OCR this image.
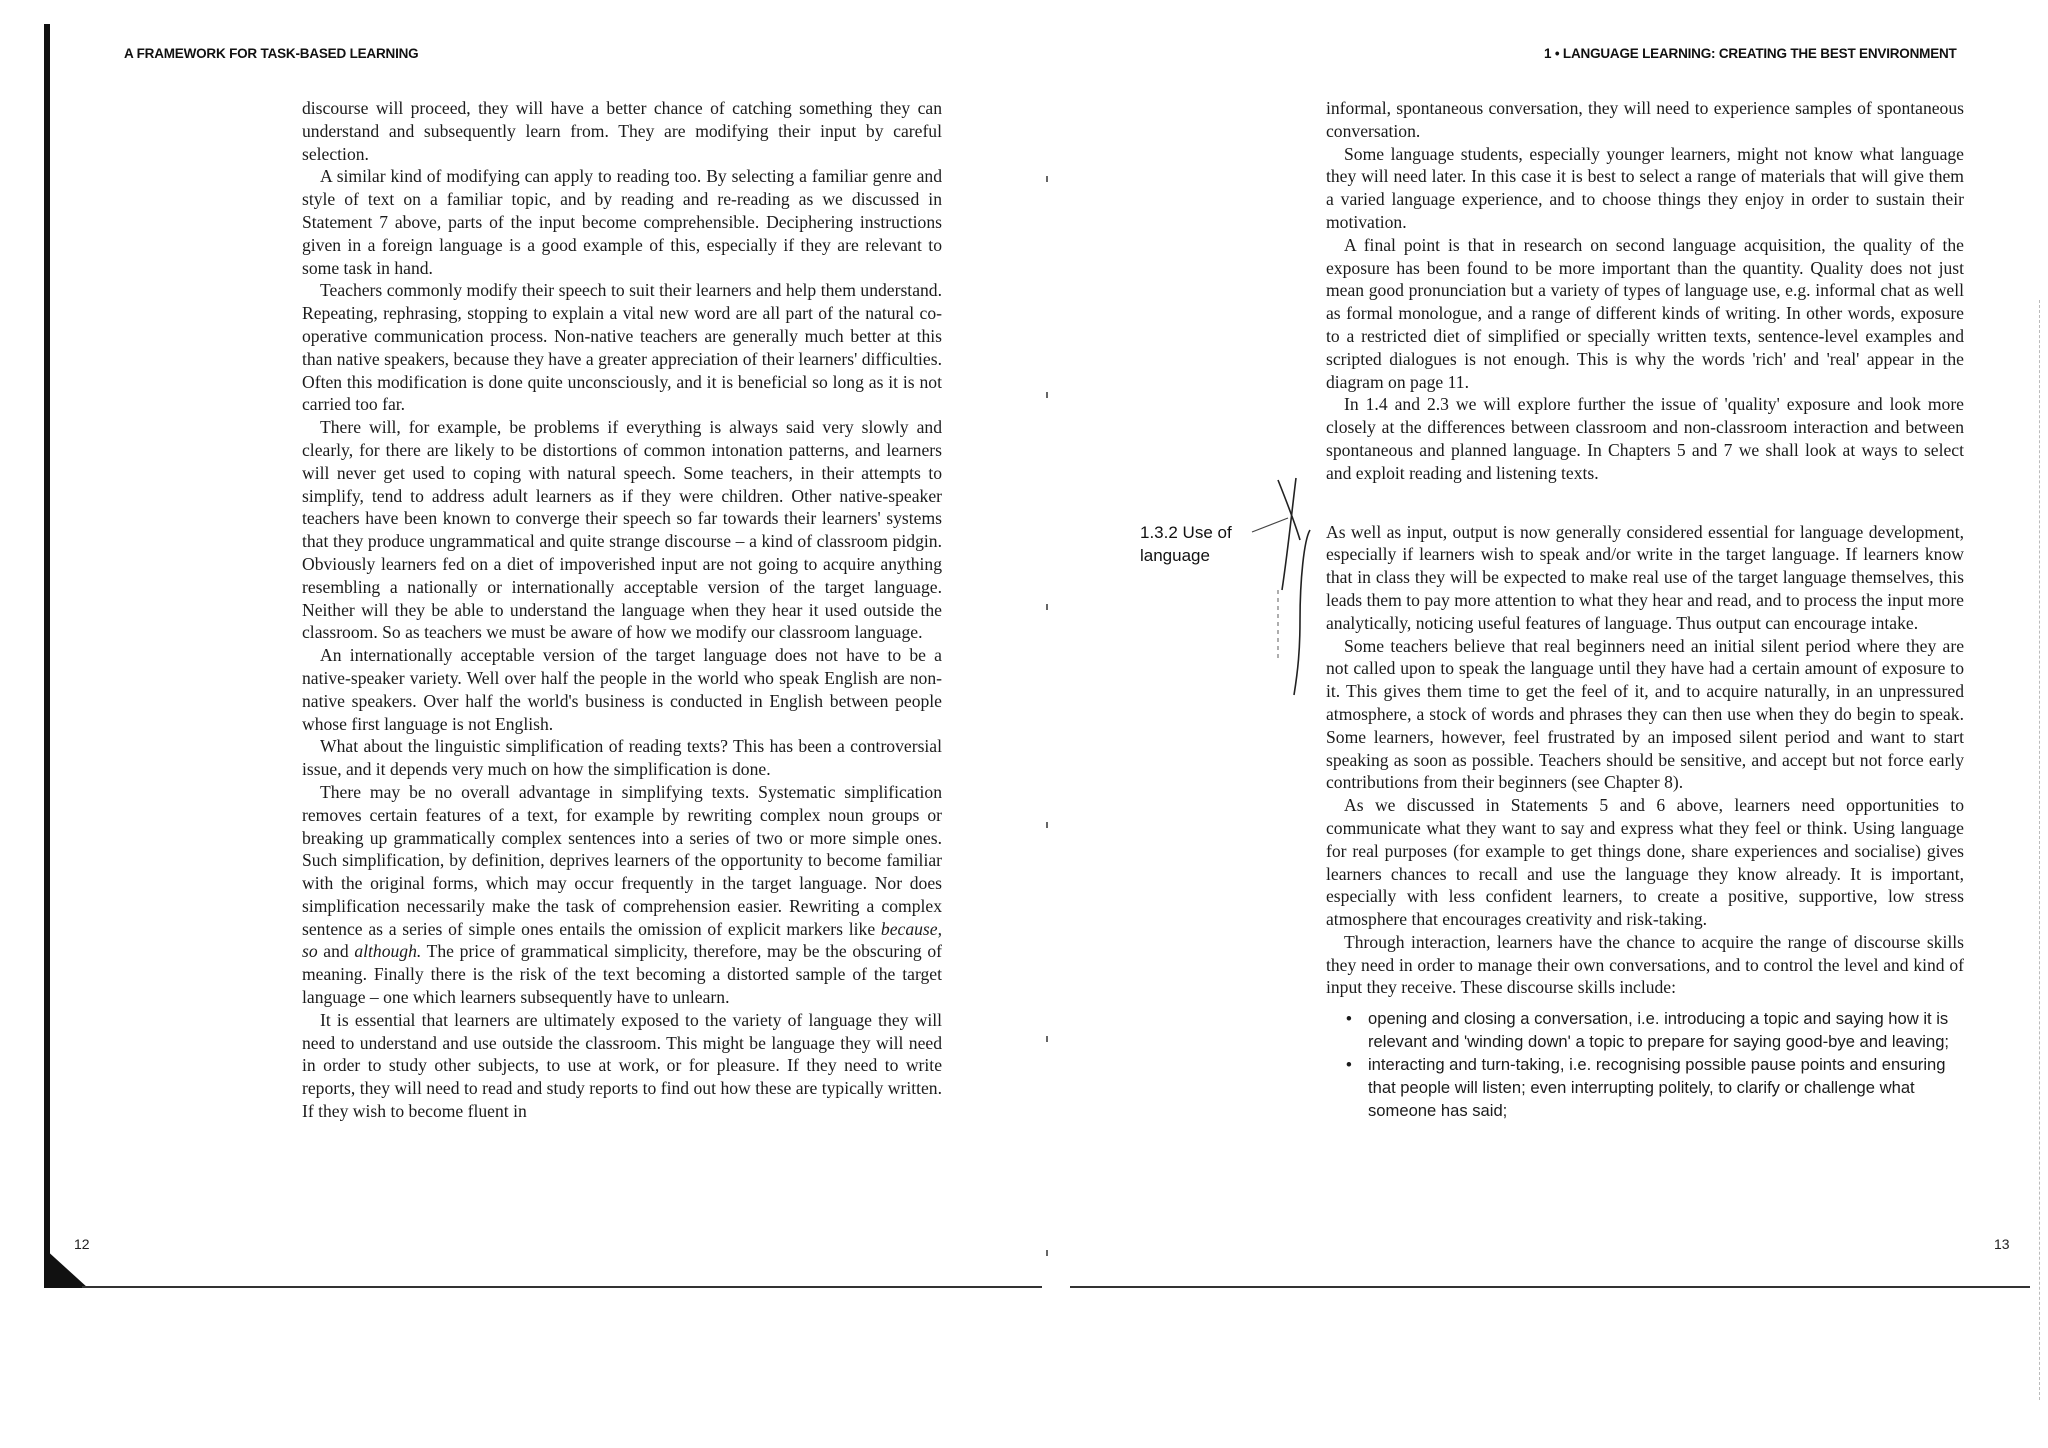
A FRAMEWORK FOR TASK-BASED LEARNING
12

discourse will proceed, they will have a better chance of catching something they can understand and subsequently learn from. They are modifying their input by careful selection.

A similar kind of modifying can apply to reading too. By selecting a familiar genre and style of text on a familiar topic, and by reading and re-reading as we discussed in Statement 7 above, parts of the input become comprehensible. Deciphering instructions given in a foreign language is a good example of this, especially if they are relevant to some task in hand.

Teachers commonly modify their speech to suit their learners and help them understand. Repeating, rephrasing, stopping to explain a vital new word are all part of the natural co-operative communication process. Non-native teachers are generally much better at this than native speakers, because they have a greater appreciation of their learners' difficulties. Often this modification is done quite unconsciously, and it is beneficial so long as it is not carried too far.

There will, for example, be problems if everything is always said very slowly and clearly, for there are likely to be distortions of common intonation patterns, and learners will never get used to coping with natural speech. Some teachers, in their attempts to simplify, tend to address adult learners as if they were children. Other native-speaker teachers have been known to converge their speech so far towards their learners' systems that they produce ungrammatical and quite strange discourse – a kind of classroom pidgin. Obviously learners fed on a diet of impoverished input are not going to acquire anything resembling a nationally or internationally acceptable version of the target language. Neither will they be able to understand the language when they hear it used outside the classroom. So as teachers we must be aware of how we modify our classroom language.

An internationally acceptable version of the target language does not have to be a native-speaker variety. Well over half the people in the world who speak English are non-native speakers. Over half the world's business is conducted in English between people whose first language is not English.

What about the linguistic simplification of reading texts? This has been a controversial issue, and it depends very much on how the simplification is done.

There may be no overall advantage in simplifying texts. Systematic simplification removes certain features of a text, for example by rewriting complex noun groups or breaking up grammatically complex sentences into a series of two or more simple ones. Such simplification, by definition, deprives learners of the opportunity to become familiar with the original forms, which may occur frequently in the target language. Nor does simplification necessarily make the task of comprehension easier. Rewriting a complex sentence as a series of simple ones entails the omission of explicit markers like because, so and although. The price of grammatical simplicity, therefore, may be the obscuring of meaning. Finally there is the risk of the text becoming a distorted sample of the target language – one which learners subsequently have to unlearn.

It is essential that learners are ultimately exposed to the variety of language they will need to understand and use outside the classroom. This might be language they will need in order to study other subjects, to use at work, or for pleasure. If they need to write reports, they will need to read and study reports to find out how these are typically written. If they wish to become fluent in

1 • LANGUAGE LEARNING: CREATING THE BEST ENVIRONMENT
13
1.3.2 Use of
language

informal, spontaneous conversation, they will need to experience samples of spontaneous conversation.

Some language students, especially younger learners, might not know what language they will need later. In this case it is best to select a range of materials that will give them a varied language experience, and to choose things they enjoy in order to sustain their motivation.

A final point is that in research on second language acquisition, the quality of the exposure has been found to be more important than the quantity. Quality does not just mean good pronunciation but a variety of types of language use, e.g. informal chat as well as formal monologue, and a range of different kinds of writing. In other words, exposure to a restricted diet of simplified or specially written texts, sentence-level examples and scripted dialogues is not enough. This is why the words 'rich' and 'real' appear in the diagram on page 11.

In 1.4 and 2.3 we will explore further the issue of 'quality' exposure and look more closely at the differences between classroom and non-classroom interaction and between spontaneous and planned language. In Chapters 5 and 7 we shall look at ways to select and exploit reading and listening texts.

As well as input, output is now generally considered essential for language development, especially if learners wish to speak and/or write in the target language. If learners know that in class they will be expected to make real use of the target language themselves, this leads them to pay more attention to what they hear and read, and to process the input more analytically, noticing useful features of language. Thus output can encourage intake.

Some teachers believe that real beginners need an initial silent period where they are not called upon to speak the language until they have had a certain amount of exposure to it. This gives them time to get the feel of it, and to acquire naturally, in an unpressured atmosphere, a stock of words and phrases they can then use when they do begin to speak. Some learners, however, feel frustrated by an imposed silent period and want to start speaking as soon as possible. Teachers should be sensitive, and accept but not force early contributions from their beginners (see Chapter 8).

As we discussed in Statements 5 and 6 above, learners need opportunities to communicate what they want to say and express what they feel or think. Using language for real purposes (for example to get things done, share experiences and socialise) gives learners chances to recall and use the language they know already. It is important, especially with less confident learners, to create a positive, supportive, low stress atmosphere that encourages creativity and risk-taking.

Through interaction, learners have the chance to acquire the range of discourse skills they need in order to manage their own conversations, and to control the level and kind of input they receive. These discourse skills include:

• opening and closing a conversation, i.e. introducing a topic and saying how it is relevant and 'winding down' a topic to prepare for saying good-bye and leaving;
• interacting and turn-taking, i.e. recognising possible pause points and ensuring that people will listen; even interrupting politely, to clarify or challenge what someone has said;
